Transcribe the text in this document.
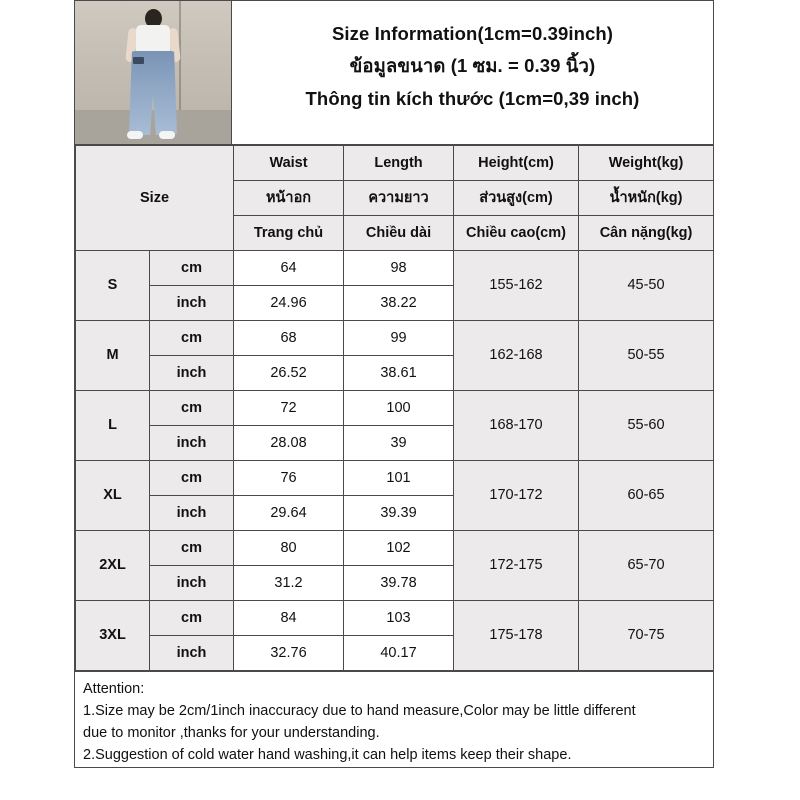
Size Information(1cm=0.39inch)
ข้อมูลขนาด (1 ซม. = 0.39 นิ้ว)
Thông tin kích thước (1cm=0,39 inch)
Size		Waist	Length	Height(cm)	Weight(kg)
		หน้าอก	ความยาว	ส่วนสูง(cm)	น้ำหนัก(kg)
		Trang chủ	Chiều dài	Chiều cao(cm)	Cân nặng(kg)
S	cm	64	98	155-162	45-50
	inch	24.96	38.22		
M	cm	68	99	162-168	50-55
	inch	26.52	38.61		
L	cm	72	100	168-170	55-60
	inch	28.08	39		
XL	cm	76	101	170-172	60-65
	inch	29.64	39.39		
2XL	cm	80	102	172-175	65-70
	inch	31.2	39.78		
3XL	cm	84	103	175-178	70-75
	inch	32.76	40.17		

Attention:

1.Size may be 2cm/1inch inaccuracy due to hand measure,Color may be little different

due to monitor ,thanks for your understanding.

2.Suggestion of cold water hand washing,it can help items keep their shape.
